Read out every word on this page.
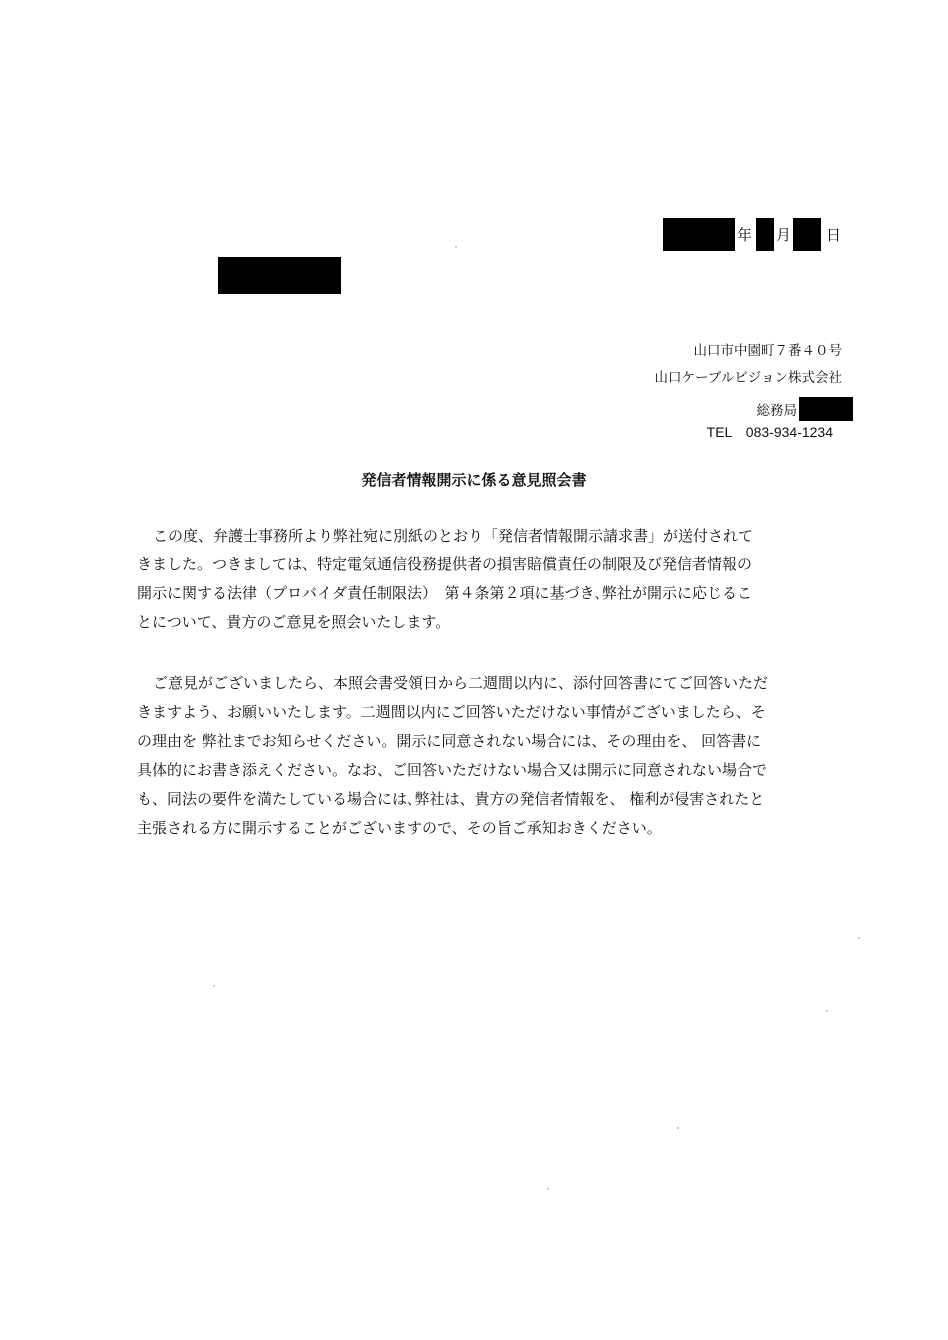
年 月 日
山口市中園町７番４０号
山口ケーブルビジョン株式会社
総務局
TEL　083-934-1234
発信者情報開示に係る意見照会書
この度、弁護士事務所より弊社宛に別紙のとおり「発信者情報開示請求書」が送付されて
きました。つきましては、特定電気通信役務提供者の損害賠償責任の制限及び発信者情報の
開示に関する法律（プロバイダ責任制限法）　第４条第２項に基づき､弊社が開示に応じるこ
とについて、貴方のご意見を照会いたします。
ご意見がございましたら、本照会書受領日から二週間以内に、添付回答書にてご回答いただ
きますよう、お願いいたします。二週間以内にご回答いただけない事情がございましたら、そ
の理由を 弊社までお知らせください。開示に同意されない場合には、その理由を、 回答書に
具体的にお書き添えください。なお、ご回答いただけない場合又は開示に同意されない場合で
も、同法の要件を満たしている場合には､弊社は、貴方の発信者情報を、 権利が侵害されたと
主張される方に開示することがございますので、その旨ご承知おきください。
